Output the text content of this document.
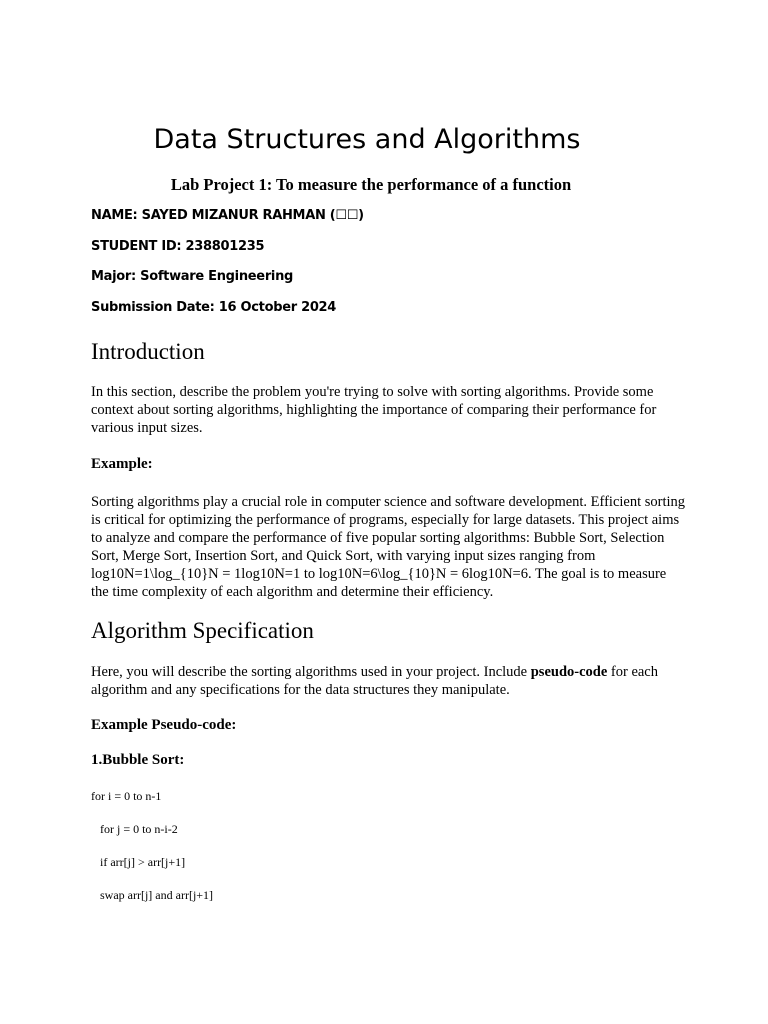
Data Structures and Algorithms
Lab Project 1: To measure the performance of a function

NAME: SAYED MIZANUR RAHMAN (☐☐)

STUDENT ID: 238801235

Major: Software Engineering

Submission Date: 16 October 2024

Introduction

In this section, describe the problem you're trying to solve with sorting algorithms. Provide some context about sorting algorithms, highlighting the importance of comparing their performance for various input sizes.

Example:

Sorting algorithms play a crucial role in computer science and software development. Efficient sorting is critical for optimizing the performance of programs, especially for large datasets. This project aims to analyze and compare the performance of five popular sorting algorithms: Bubble Sort, Selection Sort, Merge Sort, Insertion Sort, and Quick Sort, with varying input sizes ranging from log10N=1\log_{10}N = 1log10N=1 to log10N=6\log_{10}N = 6log10N=6. The goal is to measure the time complexity of each algorithm and determine their efficiency.

Algorithm Specification

Here, you will describe the sorting algorithms used in your project. Include pseudo-code for each algorithm and any specifications for the data structures they manipulate.

Example Pseudo-code:
1.Bubble Sort:

for i = 0 to n-1

for j = 0 to n-i-2

if arr[j] > arr[j+1]

swap arr[j] and arr[j+1]
